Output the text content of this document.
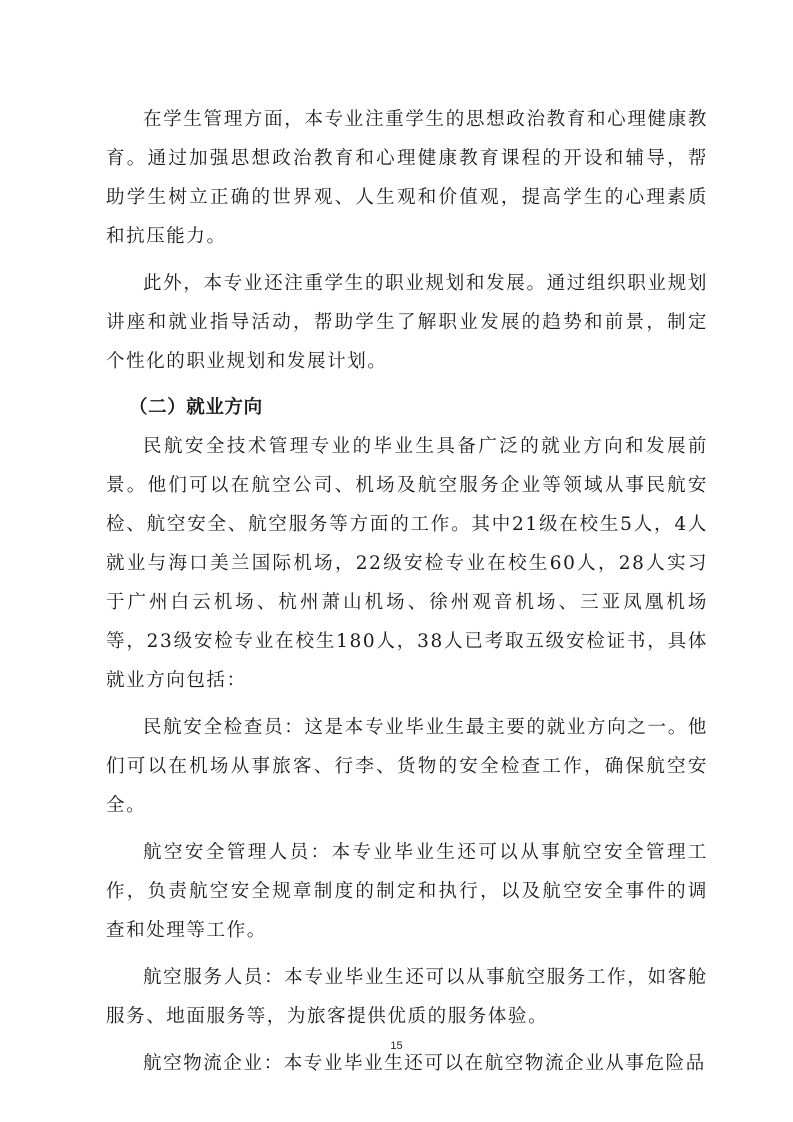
在学生管理方面，本专业注重学生的思想政治教育和心理健康教育。通过加强思想政治教育和心理健康教育课程的开设和辅导，帮助学生树立正确的世界观、人生观和价值观，提高学生的心理素质和抗压能力。

此外，本专业还注重学生的职业规划和发展。通过组织职业规划讲座和就业指导活动，帮助学生了解职业发展的趋势和前景，制定个性化的职业规划和发展计划。

（二）就业方向

民航安全技术管理专业的毕业生具备广泛的就业方向和发展前景。他们可以在航空公司、机场及航空服务企业等领域从事民航安检、航空安全、航空服务等方面的工作。其中21级在校生5人，4人就业与海口美兰国际机场，22级安检专业在校生60人，28人实习于广州白云机场、杭州萧山机场、徐州观音机场、三亚凤凰机场等，23级安检专业在校生180人，38人已考取五级安检证书，具体就业方向包括：

民航安全检查员：这是本专业毕业生最主要的就业方向之一。他们可以在机场从事旅客、行李、货物的安全检查工作，确保航空安全。

航空安全管理人员：本专业毕业生还可以从事航空安全管理工作，负责航空安全规章制度的制定和执行，以及航空安全事件的调查和处理等工作。

航空服务人员：本专业毕业生还可以从事航空服务工作，如客舱服务、地面服务等，为旅客提供优质的服务体验。

航空物流企业：本专业毕业生还可以在航空物流企业从事危险品

15
